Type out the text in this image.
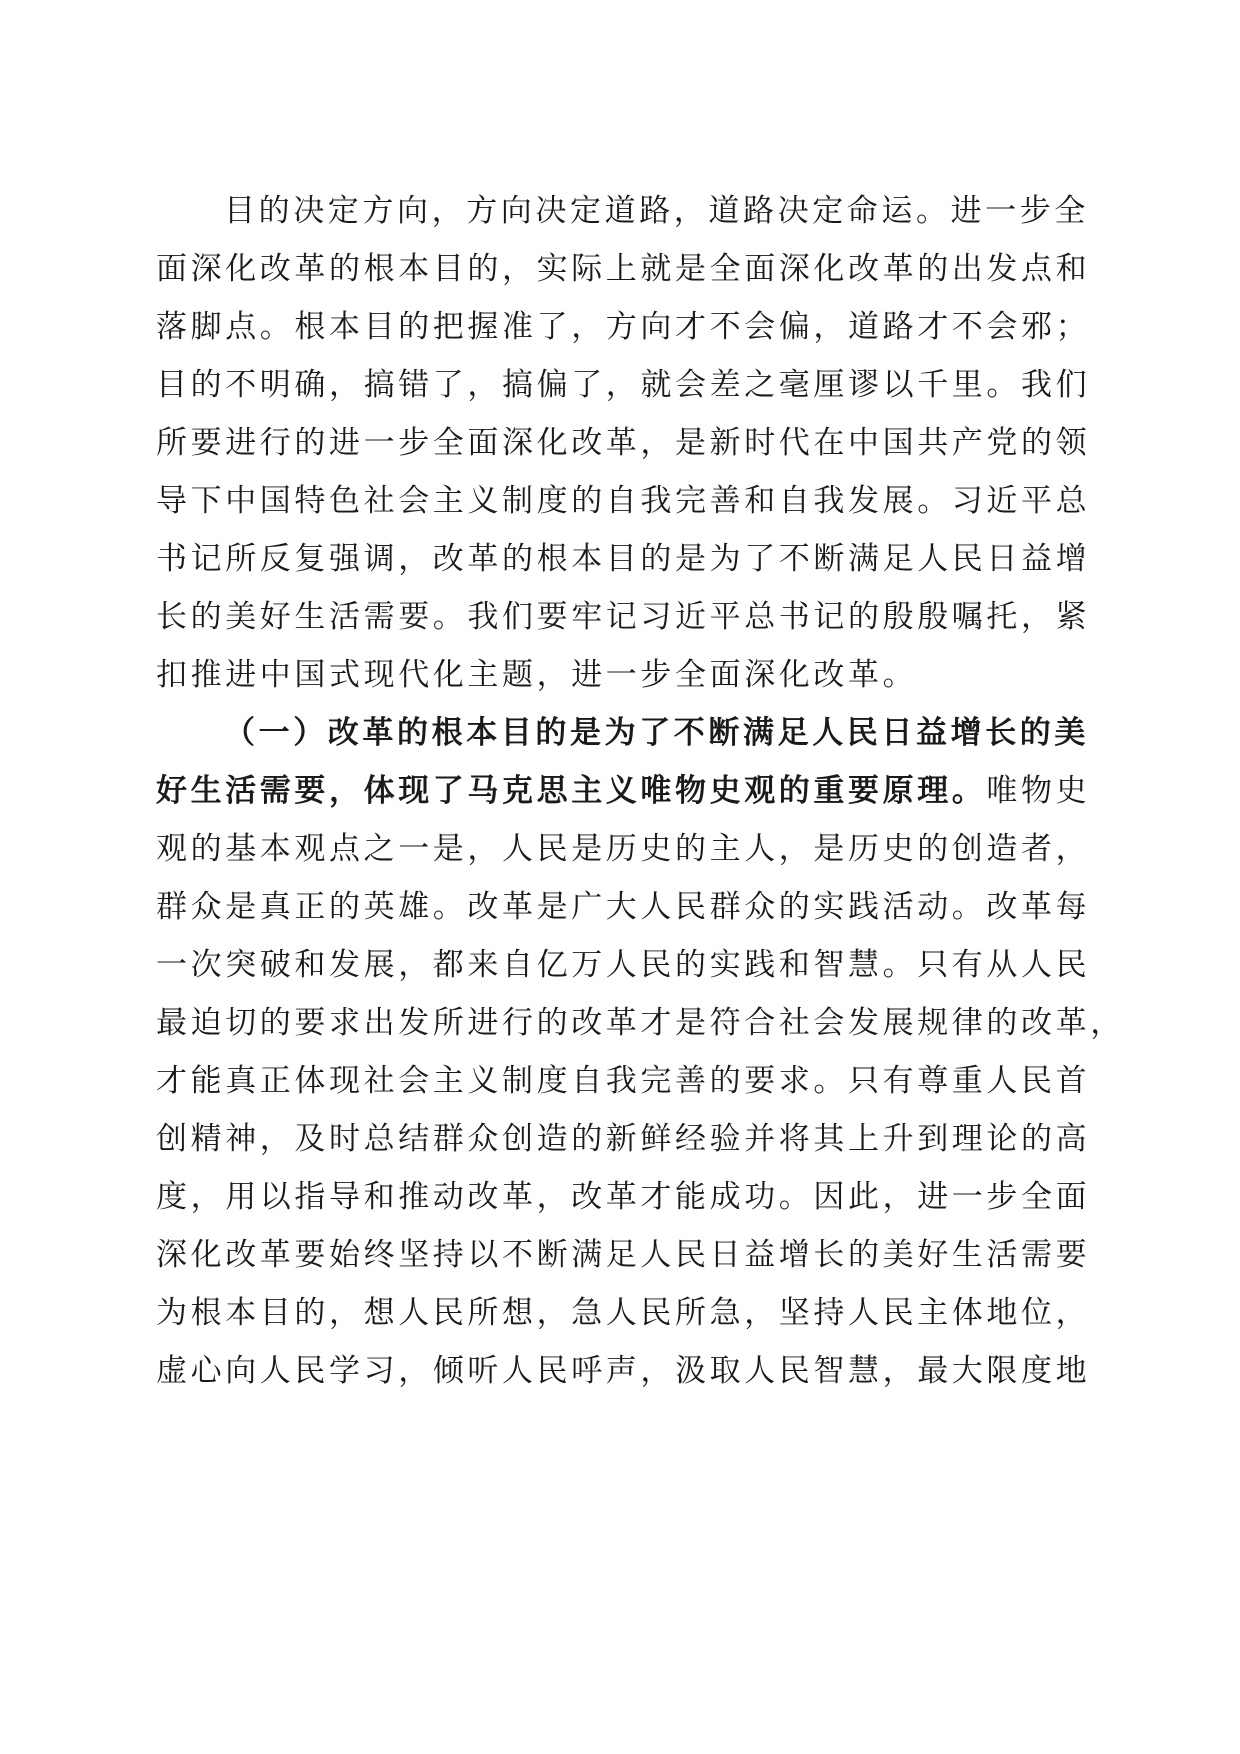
目的决定方向，方向决定道路，道路决定命运。进一步全
面深化改革的根本目的，实际上就是全面深化改革的出发点和
落脚点。根本目的把握准了，方向才不会偏，道路才不会邪；
目的不明确，搞错了，搞偏了，就会差之毫厘谬以千里。我们
所要进行的进一步全面深化改革，是新时代在中国共产党的领
导下中国特色社会主义制度的自我完善和自我发展。习近平总
书记所反复强调，改革的根本目的是为了不断满足人民日益增
长的美好生活需要。我们要牢记习近平总书记的殷殷嘱托，紧
扣推进中国式现代化主题，进一步全面深化改革。
（一）改革的根本目的是为了不断满足人民日益增长的美
好生活需要，体现了马克思主义唯物史观的重要原理。唯物史
观的基本观点之一是，人民是历史的主人，是历史的创造者，
群众是真正的英雄。改革是广大人民群众的实践活动。改革每
一次突破和发展，都来自亿万人民的实践和智慧。只有从人民
最迫切的要求出发所进行的改革才是符合社会发展规律的改革，
才能真正体现社会主义制度自我完善的要求。只有尊重人民首
创精神，及时总结群众创造的新鲜经验并将其上升到理论的高
度，用以指导和推动改革，改革才能成功。因此，进一步全面
深化改革要始终坚持以不断满足人民日益增长的美好生活需要
为根本目的，想人民所想，急人民所急，坚持人民主体地位，
虚心向人民学习，倾听人民呼声，汲取人民智慧，最大限度地
